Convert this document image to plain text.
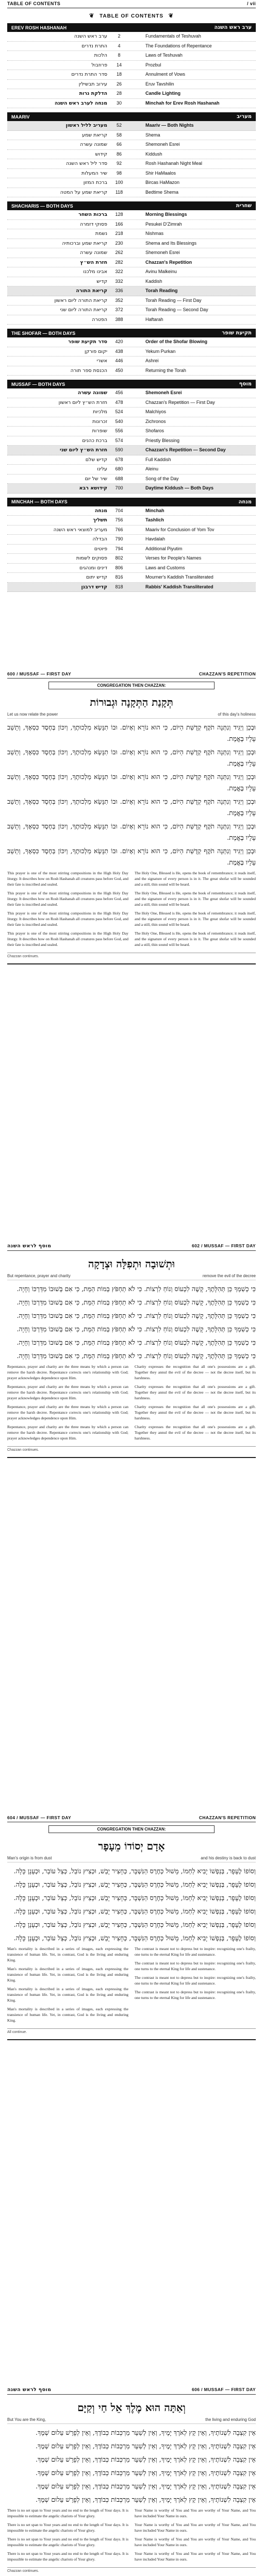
TABLE OF CONTENTS	/ vii
❦ TABLE OF CONTENTS ❦
EREV ROSH HASHANAH	ערב ראש השנה
ערב ראש השנה	2	Fundamentals of Teshuvah
התרת נדרים	4	The Foundations of Repentance
הלכות	8	Laws of Teshuvah
פרוזבול	14	Prozbul
סדר התרת נדרים	18	Annulment of Vows
עירוב תבשילין	26	Eruv Tavshilin
הדלקת נרות	28	Candle Lighting
מנחה לערב ראש השנה	30	Minchah for Erev Rosh Hashanah
MAARIV	מעריב
מעריב לליל ראשון	52	Maariv — Both Nights
קריאת שמע	58	Shema
שמונה עשרה	66	Shemoneh Esrei
קידוש	86	Kiddush
סדר ליל ראש השנה	92	Rosh Hashanah Night Meal
שיר המעלות	98	Shir HaMaalos
ברכת המזון	100	Bircas HaMazon
קריאת שמע על המטה	118	Bedtime Shema
SHACHARIS — BOTH DAYS	שחרית
ברכות השחר	128	Morning Blessings
פסוקי דזמרה	166	Pesukei D'Zimrah
נשמת	218	Nishmas
קריאת שמע וברכותיה	230	Shema and Its Blessings
שמונה עשרה	262	Shemoneh Esrei
חזרת הש״ץ	282	Chazzan's Repetition
אבינו מלכנו	322	Avinu Malkeinu
קדיש	332	Kaddish
קריאת התורה	336	Torah Reading
קריאת התורה ליום ראשון	352	Torah Reading — First Day
קריאת התורה ליום שני	372	Torah Reading — Second Day
הפטרה	388	Haftarah
THE SHOFAR — BOTH DAYS	תקיעת שופר
סדר תקיעת שופר	420	Order of the Shofar Blowing
יקום פורקן	438	Yekum Purkan
אשרי	446	Ashrei
הכנסת ספר תורה	450	Returning the Torah
MUSSAF — BOTH DAYS	מוסף
שמונה עשרה	456	Shemoneh Esrei
חזרת הש״ץ ליום ראשון	478	Chazzan's Repetition — First Day
מלכיות	524	Malchiyos
זכרונות	540	Zichronos
שופרות	556	Shofaros
ברכת כהנים	574	Priestly Blessing
חזרת הש״ץ ליום שני	590	Chazzan's Repetition — Second Day
קדיש שלם	678	Full Kaddish
עלינו	680	Aleinu
שיר של יום	688	Song of the Day
קידושא רבא	700	Daytime Kiddush — Both Days
MINCHAH — BOTH DAYS	מנחה
מנחה	704	Minchah
תשליך	756	Tashlich
מעריב למוצאי ראש השנה	766	Maariv for Conclusion of Yom Tov
הבדלה	790	Havdalah
פיוטים	794	Additional Piyutim
פסוקים לשמות	802	Verses for People's Names
דינים ומנהגים	806	Laws and Customs
קדיש יתום	816	Mourner's Kaddish Transliterated
קדיש דרבנן	818	Rabbis' Kaddish Transliterated
600 / MUSSAF — FIRST DAY	CHAZZAN'S REPETITION
CONGREGATION THEN CHAZZAN:
תְּקָנַת הַתְּקָנָה וּגְבוּרוֹת
Let us now relate the power	of this day's holiness
וּבְכֵן וְיַגִּיד וְנִתְּנָה תֹקֶף קְדֻשַּׁת הַיּוֹם, כִּי הוּא נוֹרָא וְאָיוֹם. וּבוֹ תִנָּשֵׂא מַלְכוּתֶךָ, וְיִכּוֹן בְּחֶסֶד כִּסְאֶךָ, וְתֵשֵׁב עָלָיו בֶּאֱמֶת.
וּבְכֵן וְיַגִּיד וְנִתְּנָה תֹקֶף קְדֻשַּׁת הַיּוֹם, כִּי הוּא נוֹרָא וְאָיוֹם. וּבוֹ תִנָּשֵׂא מַלְכוּתֶךָ, וְיִכּוֹן בְּחֶסֶד כִּסְאֶךָ, וְתֵשֵׁב עָלָיו בֶּאֱמֶת.
וּבְכֵן וְיַגִּיד וְנִתְּנָה תֹקֶף קְדֻשַּׁת הַיּוֹם, כִּי הוּא נוֹרָא וְאָיוֹם. וּבוֹ תִנָּשֵׂא מַלְכוּתֶךָ, וְיִכּוֹן בְּחֶסֶד כִּסְאֶךָ, וְתֵשֵׁב עָלָיו בֶּאֱמֶת.
וּבְכֵן וְיַגִּיד וְנִתְּנָה תֹקֶף קְדֻשַּׁת הַיּוֹם, כִּי הוּא נוֹרָא וְאָיוֹם. וּבוֹ תִנָּשֵׂא מַלְכוּתֶךָ, וְיִכּוֹן בְּחֶסֶד כִּסְאֶךָ, וְתֵשֵׁב עָלָיו בֶּאֱמֶת.
וּבְכֵן וְיַגִּיד וְנִתְּנָה תֹקֶף קְדֻשַּׁת הַיּוֹם, כִּי הוּא נוֹרָא וְאָיוֹם. וּבוֹ תִנָּשֵׂא מַלְכוּתֶךָ, וְיִכּוֹן בְּחֶסֶד כִּסְאֶךָ, וְתֵשֵׁב עָלָיו בֶּאֱמֶת.
וּבְכֵן וְיַגִּיד וְנִתְּנָה תֹקֶף קְדֻשַּׁת הַיּוֹם, כִּי הוּא נוֹרָא וְאָיוֹם. וּבוֹ תִנָּשֵׂא מַלְכוּתֶךָ, וְיִכּוֹן בְּחֶסֶד כִּסְאֶךָ, וְתֵשֵׁב עָלָיו בֶּאֱמֶת.

This prayer is one of the most stirring compositions in the High Holy Day liturgy. It describes how on Rosh Hashanah all creatures pass before God, and their fate is inscribed and sealed.

This prayer is one of the most stirring compositions in the High Holy Day liturgy. It describes how on Rosh Hashanah all creatures pass before God, and their fate is inscribed and sealed.

This prayer is one of the most stirring compositions in the High Holy Day liturgy. It describes how on Rosh Hashanah all creatures pass before God, and their fate is inscribed and sealed.

This prayer is one of the most stirring compositions in the High Holy Day liturgy. It describes how on Rosh Hashanah all creatures pass before God, and their fate is inscribed and sealed.

The Holy One, Blessed is He, opens the book of remembrance; it reads itself, and the signature of every person is in it. The great shofar will be sounded and a still, thin sound will be heard.

The Holy One, Blessed is He, opens the book of remembrance; it reads itself, and the signature of every person is in it. The great shofar will be sounded and a still, thin sound will be heard.

The Holy One, Blessed is He, opens the book of remembrance; it reads itself, and the signature of every person is in it. The great shofar will be sounded and a still, thin sound will be heard.

The Holy One, Blessed is He, opens the book of remembrance; it reads itself, and the signature of every person is in it. The great shofar will be sounded and a still, thin sound will be heard.

Chazzan continues.
מוסף לראש השנה	602 / MUSSAF — FIRST DAY
וּתְשׁוּבָה וּתְפִלָּה וּצְדָקָה
But repentance, prayer and charity	remove the evil of the decree
כִּי כְשִׁמְךָ כֵּן תְּהִלָּתֶךָ, קָשֶׁה לִכְעוֹס וְנוֹחַ לִרְצוֹת. כִּי לֹא תַחְפֹּץ בְּמוֹת הַמֵּת, כִּי אִם בְּשׁוּבוֹ מִדַּרְכּוֹ וְחָיָה.
כִּי כְשִׁמְךָ כֵּן תְּהִלָּתֶךָ, קָשֶׁה לִכְעוֹס וְנוֹחַ לִרְצוֹת. כִּי לֹא תַחְפֹּץ בְּמוֹת הַמֵּת, כִּי אִם בְּשׁוּבוֹ מִדַּרְכּוֹ וְחָיָה.
כִּי כְשִׁמְךָ כֵּן תְּהִלָּתֶךָ, קָשֶׁה לִכְעוֹס וְנוֹחַ לִרְצוֹת. כִּי לֹא תַחְפֹּץ בְּמוֹת הַמֵּת, כִּי אִם בְּשׁוּבוֹ מִדַּרְכּוֹ וְחָיָה.
כִּי כְשִׁמְךָ כֵּן תְּהִלָּתֶךָ, קָשֶׁה לִכְעוֹס וְנוֹחַ לִרְצוֹת. כִּי לֹא תַחְפֹּץ בְּמוֹת הַמֵּת, כִּי אִם בְּשׁוּבוֹ מִדַּרְכּוֹ וְחָיָה.
כִּי כְשִׁמְךָ כֵּן תְּהִלָּתֶךָ, קָשֶׁה לִכְעוֹס וְנוֹחַ לִרְצוֹת. כִּי לֹא תַחְפֹּץ בְּמוֹת הַמֵּת, כִּי אִם בְּשׁוּבוֹ מִדַּרְכּוֹ וְחָיָה.
כִּי כְשִׁמְךָ כֵּן תְּהִלָּתֶךָ, קָשֶׁה לִכְעוֹס וְנוֹחַ לִרְצוֹת. כִּי לֹא תַחְפֹּץ בְּמוֹת הַמֵּת, כִּי אִם בְּשׁוּבוֹ מִדַּרְכּוֹ וְחָיָה.

Repentance, prayer and charity are the three means by which a person can remove the harsh decree. Repentance corrects one's relationship with God; prayer acknowledges dependence upon Him.

Repentance, prayer and charity are the three means by which a person can remove the harsh decree. Repentance corrects one's relationship with God; prayer acknowledges dependence upon Him.

Repentance, prayer and charity are the three means by which a person can remove the harsh decree. Repentance corrects one's relationship with God; prayer acknowledges dependence upon Him.

Repentance, prayer and charity are the three means by which a person can remove the harsh decree. Repentance corrects one's relationship with God; prayer acknowledges dependence upon Him.

Charity expresses the recognition that all one's possessions are a gift. Together they annul the evil of the decree — not the decree itself, but its harshness.

Charity expresses the recognition that all one's possessions are a gift. Together they annul the evil of the decree — not the decree itself, but its harshness.

Charity expresses the recognition that all one's possessions are a gift. Together they annul the evil of the decree — not the decree itself, but its harshness.

Charity expresses the recognition that all one's possessions are a gift. Together they annul the evil of the decree — not the decree itself, but its harshness.

Chazzan continues.
604 / MUSSAF — FIRST DAY	CHAZZAN'S REPETITION
CONGREGATION THEN CHAZZAN:
אָדָם יְסוֹדוֹ מֵעָפָר
Man's origin is from dust	and his destiny is back to dust
וְסוֹפוֹ לֶעָפָר, בְּנַפְשׁוֹ יָבִיא לַחְמוֹ, מָשׁוּל כְּחֶרֶס הַנִּשְׁבָּר, כְּחָצִיר יָבֵשׁ, וּכְצִיץ נוֹבֵל, כְּצֵל עוֹבֵר, וּכְעָנָן כָּלָה.
וְסוֹפוֹ לֶעָפָר, בְּנַפְשׁוֹ יָבִיא לַחְמוֹ, מָשׁוּל כְּחֶרֶס הַנִּשְׁבָּר, כְּחָצִיר יָבֵשׁ, וּכְצִיץ נוֹבֵל, כְּצֵל עוֹבֵר, וּכְעָנָן כָּלָה.
וְסוֹפוֹ לֶעָפָר, בְּנַפְשׁוֹ יָבִיא לַחְמוֹ, מָשׁוּל כְּחֶרֶס הַנִּשְׁבָּר, כְּחָצִיר יָבֵשׁ, וּכְצִיץ נוֹבֵל, כְּצֵל עוֹבֵר, וּכְעָנָן כָּלָה.
וְסוֹפוֹ לֶעָפָר, בְּנַפְשׁוֹ יָבִיא לַחְמוֹ, מָשׁוּל כְּחֶרֶס הַנִּשְׁבָּר, כְּחָצִיר יָבֵשׁ, וּכְצִיץ נוֹבֵל, כְּצֵל עוֹבֵר, וּכְעָנָן כָּלָה.
וְסוֹפוֹ לֶעָפָר, בְּנַפְשׁוֹ יָבִיא לַחְמוֹ, מָשׁוּל כְּחֶרֶס הַנִּשְׁבָּר, כְּחָצִיר יָבֵשׁ, וּכְצִיץ נוֹבֵל, כְּצֵל עוֹבֵר, וּכְעָנָן כָּלָה.
וְסוֹפוֹ לֶעָפָר, בְּנַפְשׁוֹ יָבִיא לַחְמוֹ, מָשׁוּל כְּחֶרֶס הַנִּשְׁבָּר, כְּחָצִיר יָבֵשׁ, וּכְצִיץ נוֹבֵל, כְּצֵל עוֹבֵר, וּכְעָנָן כָּלָה.

Man's mortality is described in a series of images, each expressing the transience of human life. Yet, in contrast, God is the living and enduring King.

Man's mortality is described in a series of images, each expressing the transience of human life. Yet, in contrast, God is the living and enduring King.

Man's mortality is described in a series of images, each expressing the transience of human life. Yet, in contrast, God is the living and enduring King.

Man's mortality is described in a series of images, each expressing the transience of human life. Yet, in contrast, God is the living and enduring King.

The contrast is meant not to depress but to inspire: recognizing one's frailty, one turns to the eternal King for life and sustenance.

The contrast is meant not to depress but to inspire: recognizing one's frailty, one turns to the eternal King for life and sustenance.

The contrast is meant not to depress but to inspire: recognizing one's frailty, one turns to the eternal King for life and sustenance.

The contrast is meant not to depress but to inspire: recognizing one's frailty, one turns to the eternal King for life and sustenance.

All continue.
מוסף לראש השנה	606 / MUSSAF — FIRST DAY
וְאַתָּה הוּא מֶלֶךְ אֵל חַי וְקַיָּם
But You are the King,	the living and enduring God
אֵין קִצְבָה לִשְׁנוֹתֶיךָ, וְאֵין קֵץ לְאֹרֶךְ יָמֶיךָ, וְאֵין לְשַׁעֵר מַרְכְּבוֹת כְּבוֹדֶךָ, וְאֵין לְפָרֵשׁ עֵלוּם שְׁמֶךָ.
אֵין קִצְבָה לִשְׁנוֹתֶיךָ, וְאֵין קֵץ לְאֹרֶךְ יָמֶיךָ, וְאֵין לְשַׁעֵר מַרְכְּבוֹת כְּבוֹדֶךָ, וְאֵין לְפָרֵשׁ עֵלוּם שְׁמֶךָ.
אֵין קִצְבָה לִשְׁנוֹתֶיךָ, וְאֵין קֵץ לְאֹרֶךְ יָמֶיךָ, וְאֵין לְשַׁעֵר מַרְכְּבוֹת כְּבוֹדֶךָ, וְאֵין לְפָרֵשׁ עֵלוּם שְׁמֶךָ.
אֵין קִצְבָה לִשְׁנוֹתֶיךָ, וְאֵין קֵץ לְאֹרֶךְ יָמֶיךָ, וְאֵין לְשַׁעֵר מַרְכְּבוֹת כְּבוֹדֶךָ, וְאֵין לְפָרֵשׁ עֵלוּם שְׁמֶךָ.
אֵין קִצְבָה לִשְׁנוֹתֶיךָ, וְאֵין קֵץ לְאֹרֶךְ יָמֶיךָ, וְאֵין לְשַׁעֵר מַרְכְּבוֹת כְּבוֹדֶךָ, וְאֵין לְפָרֵשׁ עֵלוּם שְׁמֶךָ.
אֵין קִצְבָה לִשְׁנוֹתֶיךָ, וְאֵין קֵץ לְאֹרֶךְ יָמֶיךָ, וְאֵין לְשַׁעֵר מַרְכְּבוֹת כְּבוֹדֶךָ, וְאֵין לְפָרֵשׁ עֵלוּם שְׁמֶךָ.

There is no set span to Your years and no end to the length of Your days. It is impossible to estimate the angelic chariots of Your glory.

There is no set span to Your years and no end to the length of Your days. It is impossible to estimate the angelic chariots of Your glory.

There is no set span to Your years and no end to the length of Your days. It is impossible to estimate the angelic chariots of Your glory.

There is no set span to Your years and no end to the length of Your days. It is impossible to estimate the angelic chariots of Your glory.

Your Name is worthy of You and You are worthy of Your Name, and You have included Your Name in ours.

Your Name is worthy of You and You are worthy of Your Name, and You have included Your Name in ours.

Your Name is worthy of You and You are worthy of Your Name, and You have included Your Name in ours.

Your Name is worthy of You and You are worthy of Your Name, and You have included Your Name in ours.

Chazzan continues.
